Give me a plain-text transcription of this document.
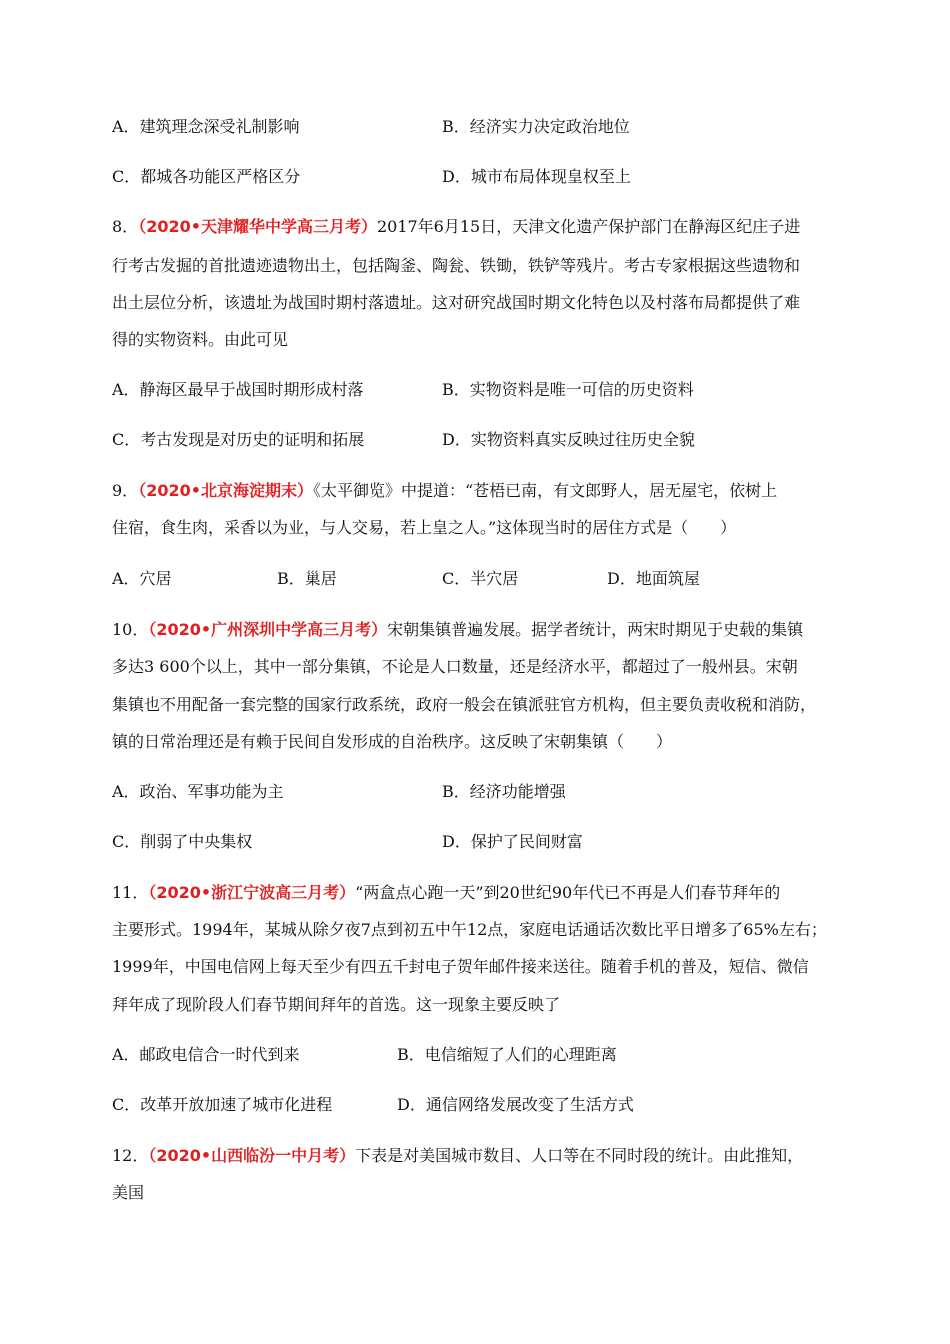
A．建筑理念深受礼制影响	B．经济实力决定政治地位
C．都城各功能区严格区分	D．城市布局体现皇权至上
8．（2020•天津耀华中学高三月考）2017年6月15日，天津文化遗产保护部门在静海区纪庄子进
行考古发掘的首批遗迹遗物出土，包括陶釜、陶瓮、铁锄，铁铲等残片。考古专家根据这些遗物和
出土层位分析，该遗址为战国时期村落遗址。这对研究战国时期文化特色以及村落布局都提供了难
得的实物资料。由此可见
A．静海区最早于战国时期形成村落	B．实物资料是唯一可信的历史资料
C．考古发现是对历史的证明和拓展	D．实物资料真实反映过往历史全貌
9．（2020•北京海淀期末）《太平御览》中提道：“苍梧已南，有文郎野人，居无屋宅，依树上
住宿，食生肉，采香以为业，与人交易，若上皇之人。”这体现当时的居住方式是（　　）
A．穴居	B．巢居	C．半穴居	D．地面筑屋
10．（2020•广州深圳中学高三月考）宋朝集镇普遍发展。据学者统计，两宋时期见于史载的集镇
多达3 600个以上，其中一部分集镇，不论是人口数量，还是经济水平，都超过了一般州县。宋朝
集镇也不用配备一套完整的国家行政系统，政府一般会在镇派驻官方机构，但主要负责收税和消防，
镇的日常治理还是有赖于民间自发形成的自治秩序。这反映了宋朝集镇（　　）
A．政治、军事功能为主	B．经济功能增强
C．削弱了中央集权	D．保护了民间财富
11．（2020•浙江宁波高三月考）“两盒点心跑一天”到20世纪90年代已不再是人们春节拜年的
主要形式。1994年，某城从除夕夜7点到初五中午12点，家庭电话通话次数比平日增多了65%左右；
1999年，中国电信网上每天至少有四五千封电子贺年邮件接来送往。随着手机的普及，短信、微信
拜年成了现阶段人们春节期间拜年的首选。这一现象主要反映了
A．邮政电信合一时代到来	B．电信缩短了人们的心理距离
C．改革开放加速了城市化进程	D．通信网络发展改变了生活方式
12．（2020•山西临汾一中月考）下表是对美国城市数目、人口等在不同时段的统计。由此推知，
美国
